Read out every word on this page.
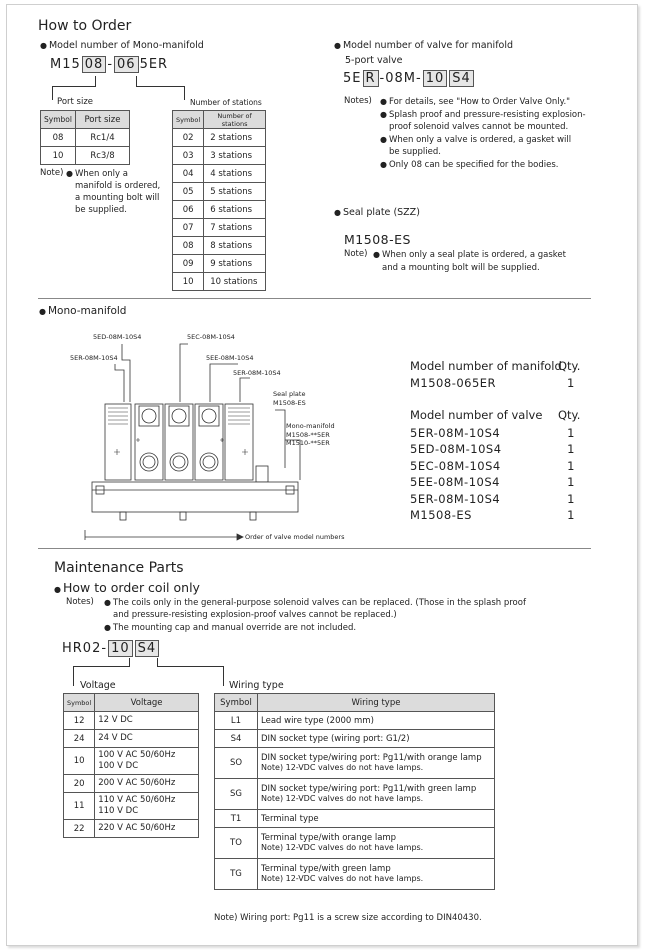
How to Order
● Model number of Mono-manifold
M15 08 - 06 5ER
Port size
Symbol	Port size
08	Rc1/4
10	Rc3/8
Note)	● When only a
manifold is ordered,
a mounting bolt will
be supplied.
Number of stations
Symbol	Number of stations
02	2 stations
03	3 stations
04	4 stations
05	5 stations
06	6 stations
07	7 stations
08	8 stations
09	9 stations
10	10 stations
● Model number of valve for manifold
5-port valve
5E R -08M- 10 S4
Notes)	● For details, see "How to Order Valve Only."
● Splash proof and pressure-resisting explosion-
proof solenoid valves cannot be mounted.
● When only a valve is ordered, a gasket will
be supplied.
● Only 08 can be specified for the bodies.
● Seal plate (SZZ)
M1508-ES
Note)	● When only a seal plate is ordered, a gasket
and a mounting bolt will be supplied.
● Mono-manifold
5ED-08M-10S4	5EC-08M-10S4
5ER-08M-10S4	5EE-08M-10S4
5ER-08M-10S4
Seal plate
M1508-ES
Mono-manifold
M1508-**5ER
M1510-**5ER
Order of valve model numbers
Model number of manifold
Qty.
M1508-065ER	1
Model number of valve Qty.
5ER-08M-10S4	1
5ED-08M-10S4	1
5EC-08M-10S4	1
5EE-08M-10S4	1
5ER-08M-10S4	1
M1508-ES	1
Maintenance Parts
● How to order coil only
Notes)	● The coils only in the general-purpose solenoid valves can be replaced. (Those in the splash proof
and pressure-resisting explosion-proof valves cannot be replaced.)
● The mounting cap and manual override are not included.
HR02- 10 S4
Voltage	Wiring type
Symbol	Voltage
12	12 V DC

24	24 V DC

10	100 V AC 50/60Hz
100 V DC

20	200 V AC 50/60Hz

11	110 V AC 50/60Hz
110 V DC

22	220 V AC 50/60Hz
Symbol	Wiring type
L1	Lead wire type (2000 mm)

S4	DIN socket type (wiring port: G1/2)

SO	DIN socket type/wiring port: Pg11/with orange lamp
Note) 12-VDC valves do not have lamps.

SG	DIN socket type/wiring port: Pg11/with green lamp
Note) 12-VDC valves do not have lamps.

T1	Terminal type

TO	Terminal type/with orange lamp
Note) 12-VDC valves do not have lamps.

TG	Terminal type/with green lamp
Note) 12-VDC valves do not have lamps.
Note) Wiring port: Pg11 is a screw size according to DIN40430.
